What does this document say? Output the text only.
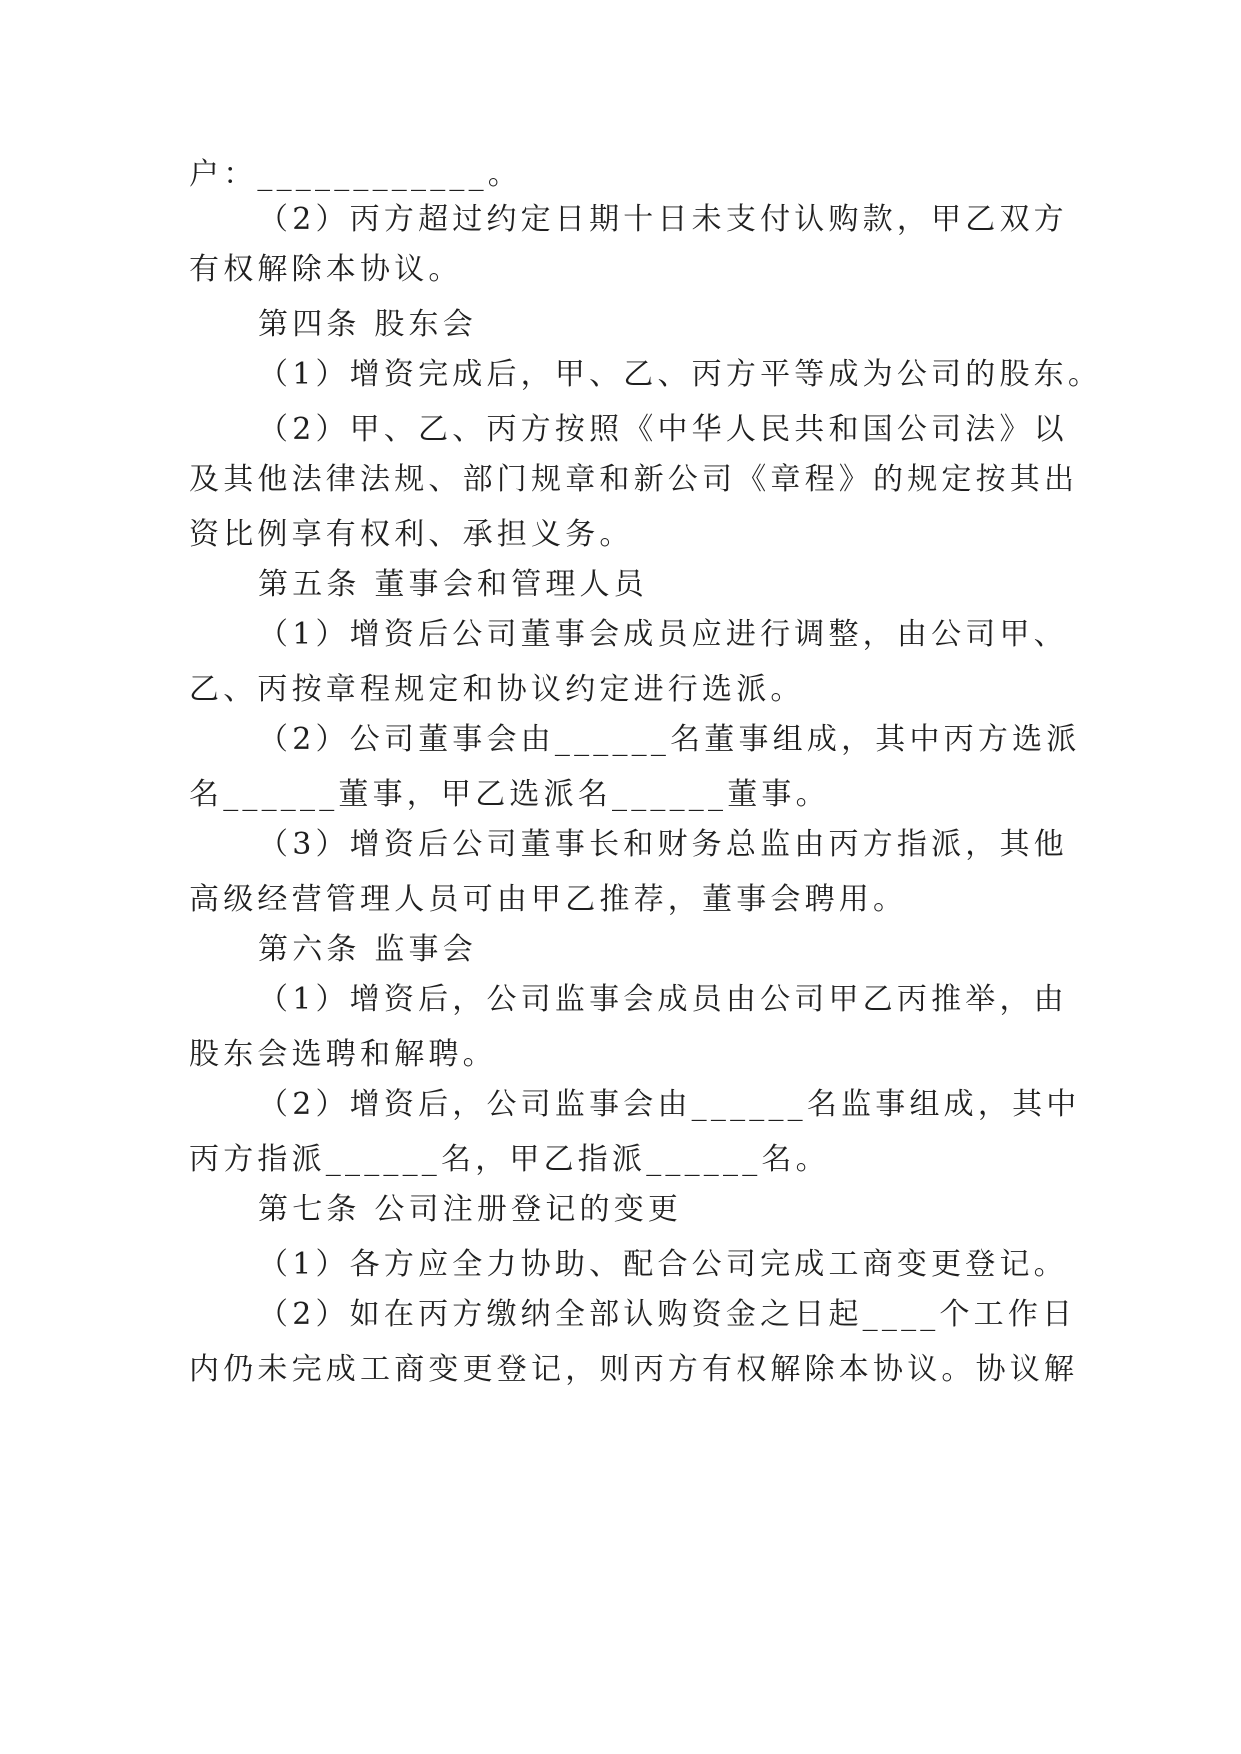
户：____________。
（2）丙方超过约定日期十日未支付认购款，甲乙双方
有权解除本协议。
第四条 股东会
（1）增资完成后，甲、乙、丙方平等成为公司的股东。
（2）甲、乙、丙方按照《中华人民共和国公司法》以
及其他法律法规、部门规章和新公司《章程》的规定按其出
资比例享有权利、承担义务。
第五条 董事会和管理人员
（1）增资后公司董事会成员应进行调整，由公司甲、
乙、丙按章程规定和协议约定进行选派。
（2）公司董事会由______名董事组成，其中丙方选派
名______董事，甲乙选派名______董事。
（3）增资后公司董事长和财务总监由丙方指派，其他
高级经营管理人员可由甲乙推荐，董事会聘用。
第六条 监事会
（1）增资后，公司监事会成员由公司甲乙丙推举，由
股东会选聘和解聘。
（2）增资后，公司监事会由______名监事组成，其中
丙方指派______名，甲乙指派______名。
第七条 公司注册登记的变更
（1）各方应全力协助、配合公司完成工商变更登记。
（2）如在丙方缴纳全部认购资金之日起____个工作日
内仍未完成工商变更登记，则丙方有权解除本协议。协议解
